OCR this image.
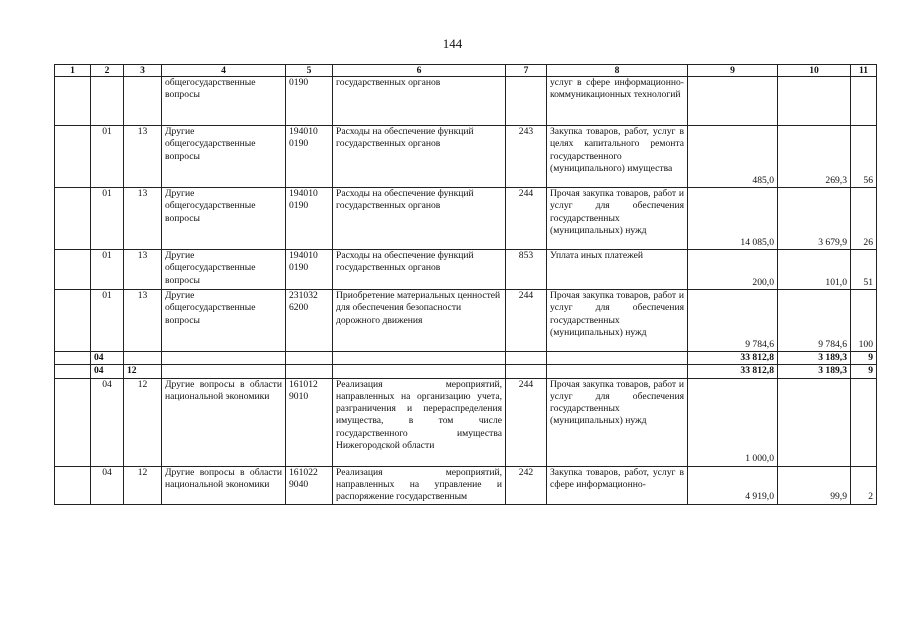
144
1	2	3	4	5	6	7	8	9	10	11
			общегосударственные вопросы	0190	государственных органов		услуг в сфере информационно-коммуникационных технологий			
	01	13	Другие общегосударственные вопросы	194010 0190	Расходы на обеспечение функций государственных органов	243	Закупка товаров, работ, услуг в целях капитального ремонта государственного (муниципального) имущества	485,0	269,3	56
	01	13	Другие общегосударственные вопросы	194010 0190	Расходы на обеспечение функций государственных органов	244	Прочая закупка товаров, работ и услуг для обеспечения государственных (муниципальных) нужд	14 085,0	3 679,9	26
	01	13	Другие общегосударственные вопросы	194010 0190	Расходы на обеспечение функций государственных органов	853	Уплата иных платежей	200,0	101,0	51
	01	13	Другие общегосударственные вопросы	231032 6200	Приобретение материальных ценностей для обеспечения безопасности дорожного движения	244	Прочая закупка товаров, работ и услуг для обеспечения государственных (муниципальных) нужд	9 784,6	9 784,6	100
	04							33 812,8	3 189,3	9
	04	12						33 812,8	3 189,3	9
	04	12	Другие вопросы в области национальной экономики	161012 9010	Реализация мероприятий, направленных на организацию учета, разграничения и перераспределения имущества, в том числе государственного имущества Нижегородской области	244	Прочая закупка товаров, работ и услуг для обеспечения государственных (муниципальных) нужд	1 000,0		
	04	12	Другие вопросы в области национальной экономики	161022 9040	Реализация мероприятий, направленных на управление и распоряжение государственным	242	Закупка товаров, работ, услуг в сфере информационно-	4 919,0	99,9	2
